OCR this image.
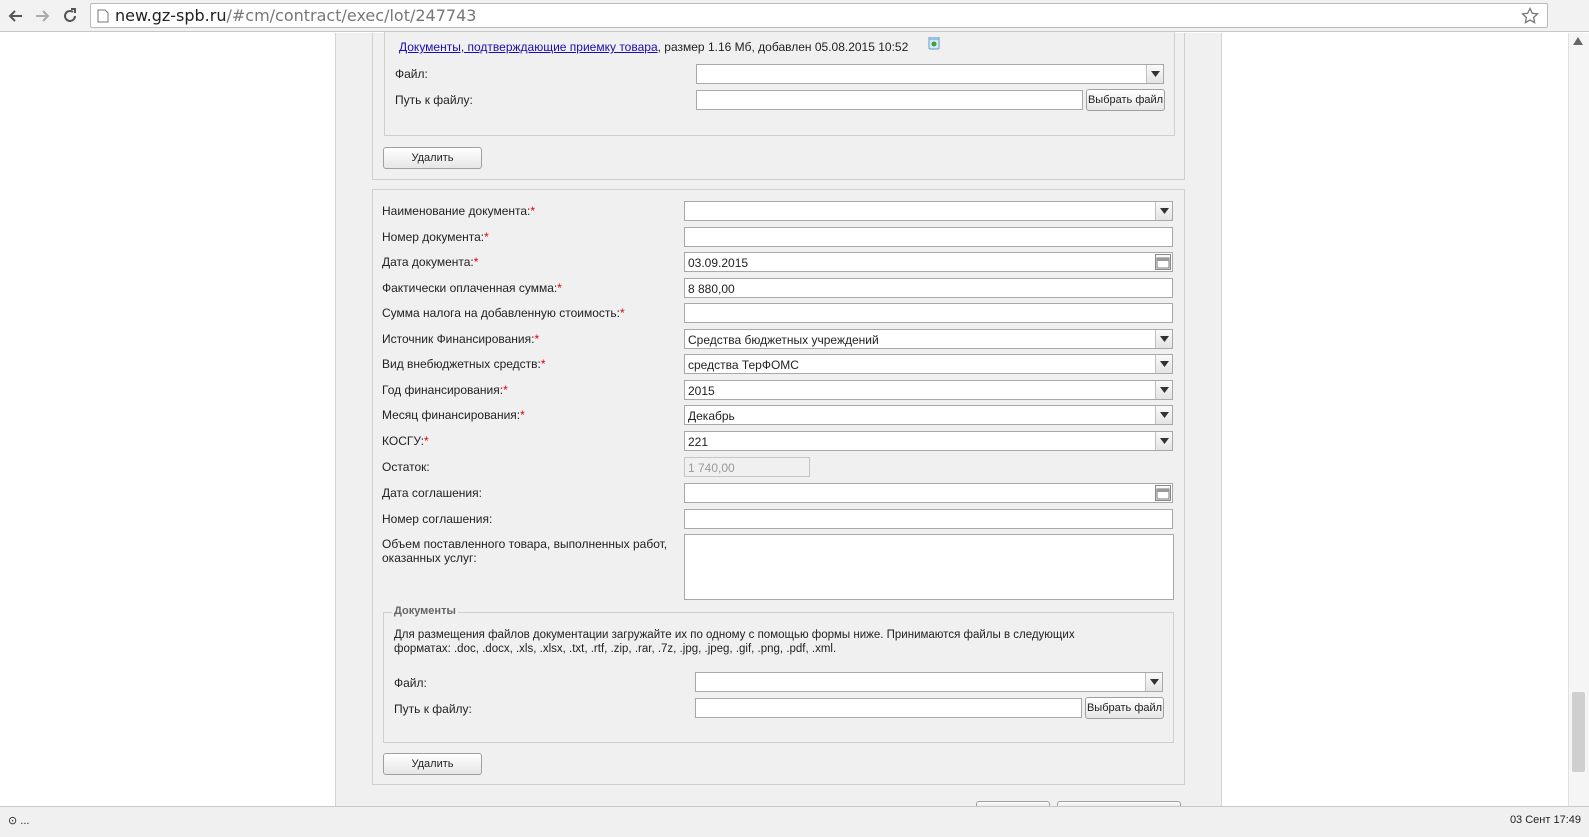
new.gz-spb.ru/#cm/contract/exec/lot/247743
Документы, подтверждающие приемку товара, размер 1.16 Мб, добавлен 05.08.2015 10:52
Файл:
Путь к файлу:	Выбрать файл
Удалить
Наименование документа:*
Номер документа:*
Дата документа:*	03.09.2015
Фактически оплаченная сумма:*	8 880,00
Сумма налога на добавленную стоимость:*
Источник Финансирования:*	Средства бюджетных учреждений
Вид внебюджетных средств:*	средства ТерФОМС
Год финансирования:*	2015
Месяц финансирования:*	Декабрь
КОСГУ:*	221
Остаток:	1 740,00
Дата соглашения:
Номер соглашения:
Объем поставленного товара, выполненных работ,
оказанных услуг:
Документы
Для размещения файлов документации загружайте их по одному с помощью формы ниже. Принимаются файлы в следующих
форматах: .doc, .docx, .xls, .xlsx, .txt, .rtf, .zip, .rar, .7z, .jpg, .jpeg, .gif, .png, .pdf, .xml.
Файл:
Путь к файлу:	Выбрать файл
Удалить
⊙ ...	03 Сент 17:49
